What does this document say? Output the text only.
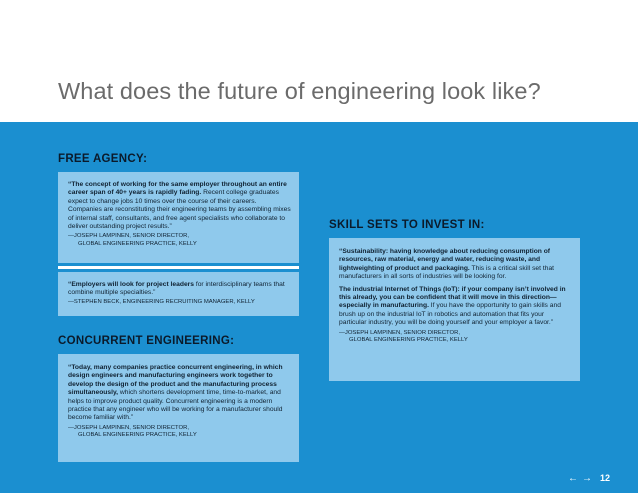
What does the future of engineering look like?
FREE AGENCY:

“The concept of working for the same employer throughout an entire career span of 40+ years is rapidly fading. Recent college graduates expect to change jobs 10 times over the course of their careers. Companies are reconstituting their engineering teams by assembling mixes of internal staff, consultants, and free agent specialists who collaborate to deliver outstanding project results.”

—JOSEPH LAMPINEN, SENIOR DIRECTOR,
GLOBAL ENGINEERING PRACTICE, KELLY

“Employers will look for project leaders for interdisciplinary teams that combine multiple specialties.”

—STEPHEN BECK, ENGINEERING RECRUITING MANAGER, KELLY
CONCURRENT ENGINEERING:

“Today, many companies practice concurrent engineering, in which design engineers and manufacturing engineers work together to develop the design of the product and the manufacturing process simultaneously, which shortens development time, time-to-market, and helps to improve product quality. Concurrent engineering is a modern practice that any engineer who will be working for a manufacturer should become familiar with.”

—JOSEPH LAMPINEN, SENIOR DIRECTOR,
GLOBAL ENGINEERING PRACTICE, KELLY
SKILL SETS TO INVEST IN:

“Sustainability: having knowledge about reducing consumption of resources, raw material, energy and water, reducing waste, and lightweighting of product and packaging. This is a critical skill set that manufacturers in all sorts of industries will be looking for.

The industrial Internet of Things (IoT): if your company isn’t involved in this already, you can be confident that it will move in this direction—especially in manufacturing. If you have the opportunity to gain skills and brush up on the industrial IoT in robotics and automation that fits your particular industry, you will be doing yourself and your employer a favor.”

—JOSEPH LAMPINEN, SENIOR DIRECTOR,
GLOBAL ENGINEERING PRACTICE, KELLY
← → 12
